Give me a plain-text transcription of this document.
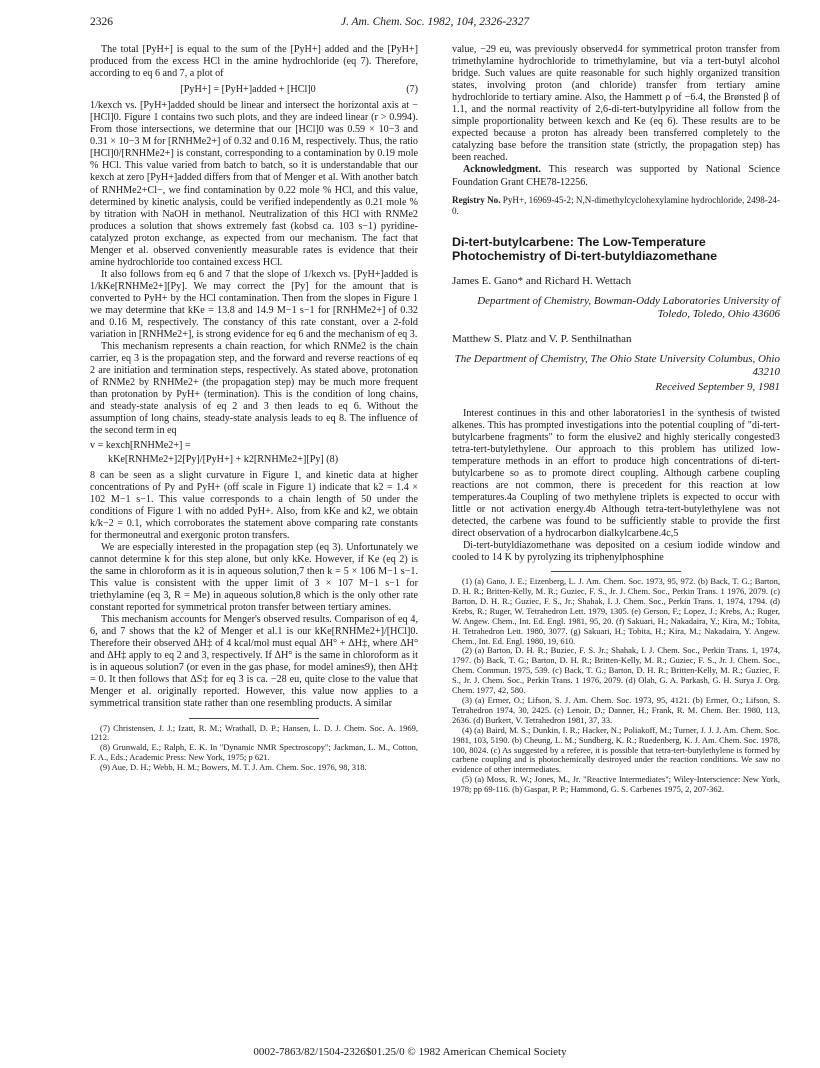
2326	J. Am. Chem. Soc. 1982, 104, 2326-2327

The total [PyH+] is equal to the sum of the [PyH+] added and the [PyH+] produced from the excess HCl in the amine hydrochloride (eq 7). Therefore, according to eq 6 and 7, a plot of

[PyH+] = [PyH+]added + [HCl]0	(7)

1/kexch vs. [PyH+]added should be linear and intersect the horizontal axis at −[HCl]0. Figure 1 contains two such plots, and they are indeed linear (r > 0.994). From those intersections, we determine that our [HCl]0 was 0.59 × 10−3 and 0.31 × 10−3 M for [RNHMe2+] of 0.32 and 0.16 M, respectively. Thus, the ratio [HCl]0/[RNHMe2+] is constant, corresponding to a contamination by 0.19 mole % HCl. This value varied from batch to batch, so it is understandable that our kexch at zero [PyH+]added differs from that of Menger et al. With another batch of RNHMe2+Cl−, we find contamination by 0.22 mole % HCl, and this value, determined by kinetic analysis, could be verified independently as 0.21 mole % by titration with NaOH in methanol. Neutralization of this HCl with RNMe2 produces a solution that shows extremely fast (kobsd ca. 103 s−1) pyridine-catalyzed proton exchange, as expected from our mechanism. The fact that Menger et al. observed conveniently measurable rates is evidence that their amine hydrochloride too contained excess HCl.

It also follows from eq 6 and 7 that the slope of 1/kexch vs. [PyH+]added is 1/kKe[RNHMe2+][Py]. We may correct the [Py] for the amount that is converted to PyH+ by the HCl contamination. Then from the slopes in Figure 1 we may determine that kKe = 13.8 and 14.9 M−1 s−1 for [RNHMe2+] of 0.32 and 0.16 M, respectively. The constancy of this rate constant, over a 2-fold variation in [RNHMe2+], is strong evidence for eq 6 and the mechanism of eq 3.

This mechanism represents a chain reaction, for which RNMe2 is the chain carrier, eq 3 is the propagation step, and the forward and reverse reactions of eq 2 are initiation and termination steps, respectively. As stated above, protonation of RNMe2 by RNHMe2+ (the propagation step) may be much more frequent than protonation by PyH+ (termination). This is the condition of long chains, and steady-state analysis of eq 2 and 3 then leads to eq 6. Without the assumption of long chains, steady-state analysis leads to eq 8. The influence of the second term in eq

v = kexch[RNHMe2+] =
kKe[RNHMe2+]2[Py]/[PyH+] + k2[RNHMe2+][Py] (8)

8 can be seen as a slight curvature in Figure 1, and kinetic data at higher concentrations of Py and PyH+ (off scale in Figure 1) indicate that k2 = 1.4 × 102 M−1 s−1. This value corresponds to a chain length of 50 under the conditions of Figure 1 with no added PyH+. Also, from kKe and k2, we obtain k/k−2 = 0.1, which corroborates the statement above comparing rate constants for thermoneutral and exergonic proton transfers.

We are especially interested in the propagation step (eq 3). Unfortunately we cannot determine k for this step alone, but only kKe. However, if Ke (eq 2) is the same in chloroform as it is in aqueous solution,7 then k = 5 × 106 M−1 s−1. This value is consistent with the upper limit of 3 × 107 M−1 s−1 for triethylamine (eq 3, R = Me) in aqueous solution,8 which is the only other rate constant reported for symmetrical proton transfer between tertiary amines.

This mechanism accounts for Menger's observed results. Comparison of eq 4, 6, and 7 shows that the k2 of Menger et al.1 is our kKe[RNHMe2+]/[HCl]0. Therefore their observed ΔH‡ of 4 kcal/mol must equal ΔH° + ΔH‡, where ΔH° and ΔH‡ apply to eq 2 and 3, respectively. If ΔH° is the same in chloroform as it is in aqueous solution7 (or even in the gas phase, for model amines9), then ΔH‡ = 0. It then follows that ΔS‡ for eq 3 is ca. −28 eu, quite close to the value that Menger et al. originally reported. However, this value now applies to a symmetrical transition state rather than one resembling products. A similar

(7) Christensen, J. J.; Izatt, R. M.; Wrathall, D. P.; Hansen, L. D. J. Chem. Soc. A. 1969, 1212.
(8) Grunwald, E.; Ralph, E. K. In "Dynamic NMR Spectroscopy"; Jackman, L. M., Cotton, F. A., Eds.; Academic Press: New York, 1975; p 621.
(9) Aue, D. H.; Webb, H. M.; Bowers, M. T. J. Am. Chem. Soc. 1976, 98, 318.

value, −29 eu, was previously observed4 for symmetrical proton transfer from trimethylamine hydrochloride to trimethylamine, but via a tert-butyl alcohol bridge. Such values are quite reasonable for such highly organized transition states, involving proton (and chloride) transfer from tertiary amine hydrochloride to tertiary amine. Also, the Hammett ρ of −6.4, the Brønsted β of 1.1, and the normal reactivity of 2,6-di-tert-butylpyridine all follow from the simple proportionality between kexch and Ke (eq 6). These results are to be expected because a proton has already been transferred completely to the catalyzing base before the transition state (strictly, the propagation step) has been reached.

Acknowledgment. This research was supported by National Science Foundation Grant CHE78-12256.

Registry No. PyH+, 16969-45-2; N,N-dimethylcyclohexylamine hydrochloride, 2498-24-0.
Di-tert-butylcarbene: The Low-Temperature Photochemistry of Di-tert-butyldiazomethane
James E. Gano* and Richard H. Wettach
Department of Chemistry, Bowman-Oddy Laboratories University of Toledo, Toledo, Ohio 43606
Matthew S. Platz and V. P. Senthilnathan
The Department of Chemistry, The Ohio State University Columbus, Ohio 43210
Received September 9, 1981

Interest continues in this and other laboratories1 in the synthesis of twisted alkenes. This has prompted investigations into the potential coupling of "di-tert-butylcarbene fragments" to form the elusive2 and highly sterically congested3 tetra-tert-butylethylene. Our approach to this problem has utilized low-temperature methods in an effort to produce high concentrations of di-tert-butylcarbene so as to promote direct coupling. Although carbene coupling reactions are not common, there is precedent for this reaction at low temperatures.4a Coupling of two methylene triplets is expected to occur with little or not activation energy.4b Although tetra-tert-butylethylene was not detected, the carbene was found to be sufficiently stable to provide the first direct observation of a hydrocarbon dialkylcarbene.4c,5

Di-tert-butyldiazomethane was deposited on a cesium iodide window and cooled to 14 K by pyrolyzing its triphenylphosphine

(1) (a) Gano, J. E.; Eizenberg, L. J. Am. Chem. Soc. 1973, 95, 972. (b) Back, T. G.; Barton, D. H. R.; Britten-Kelly, M. R.; Guziec, F. S., Jr. J. Chem. Soc., Perkin Trans. 1 1976, 2079. (c) Barton, D. H. R.; Guziec, F. S., Jr.; Shahak, I. J. Chem. Soc., Perkin Trans. 1, 1974, 1794. (d) Krebs, R.; Ruger, W. Tetrahedron Lett. 1979, 1305. (e) Gerson, F.; Lopez, J.; Krebs, A.; Ruger, W. Angew. Chem., Int. Ed. Engl. 1981, 95, 20. (f) Sakuari, H.; Nakadaira, Y.; Kira, M.; Tobita, H. Tetrahedron Lett. 1980, 3077. (g) Sakuari, H.; Tobita, H.; Kira, M.; Nakadaira, Y. Angew. Chem., Int. Ed. Engl. 1980, 19, 610.
(2) (a) Barton, D. H. R.; Buziec, F. S. Jr.; Shahak, I. J. Chem. Soc., Perkin Trans. 1, 1974, 1797. (b) Back, T. G.; Barton, D. H. R.; Britten-Kelly, M. R.; Guziec, F. S., Jr. J. Chem. Soc., Chem. Commun. 1975, 539. (c) Back, T. G.; Barton, D. H. R.; Britten-Kelly, M. R.; Guziec, F. S., Jr. J. Chem. Soc., Perkin Trans. 1 1976, 2079. (d) Olah, G. A. Parkash, G. H. Surya J. Org. Chem. 1977, 42, 580.
(3) (a) Ermer, O.; Lifson, S. J. Am. Chem. Soc. 1973, 95, 4121. (b) Ermer, O.; Lifson, S. Tetrahedron 1974, 30, 2425. (c) Lenoir, D.; Danner, H.; Frank, R. M. Chem. Ber. 1980, 113, 2636. (d) Burkert, V. Tetrahedron 1981, 37, 33.
(4) (a) Baird, M. S.; Dunkin, I. R.; Hacker, N.; Poliakoff, M.; Turner, J. J. J. Am. Chem. Soc. 1981, 103, 5190. (b) Cheung, L. M.; Sundberg, K. R.; Ruedenberg, K. J. Am. Chem. Soc. 1978, 100, 8024. (c) As suggested by a referee, it is possible that tetra-tert-butylethylene is formed by carbene coupling and is photochemically destroyed under the reaction conditions. We saw no evidence of other intermediates.
(5) (a) Moss, R. W.; Jones, M., Jr. "Reactive Intermediates"; Wiley-Interscience: New York, 1978; pp 69-116. (b) Gaspar, P. P.; Hammond, G. S. Carbenes 1975, 2, 207-362.
0002-7863/82/1504-2326$01.25/0 © 1982 American Chemical Society
